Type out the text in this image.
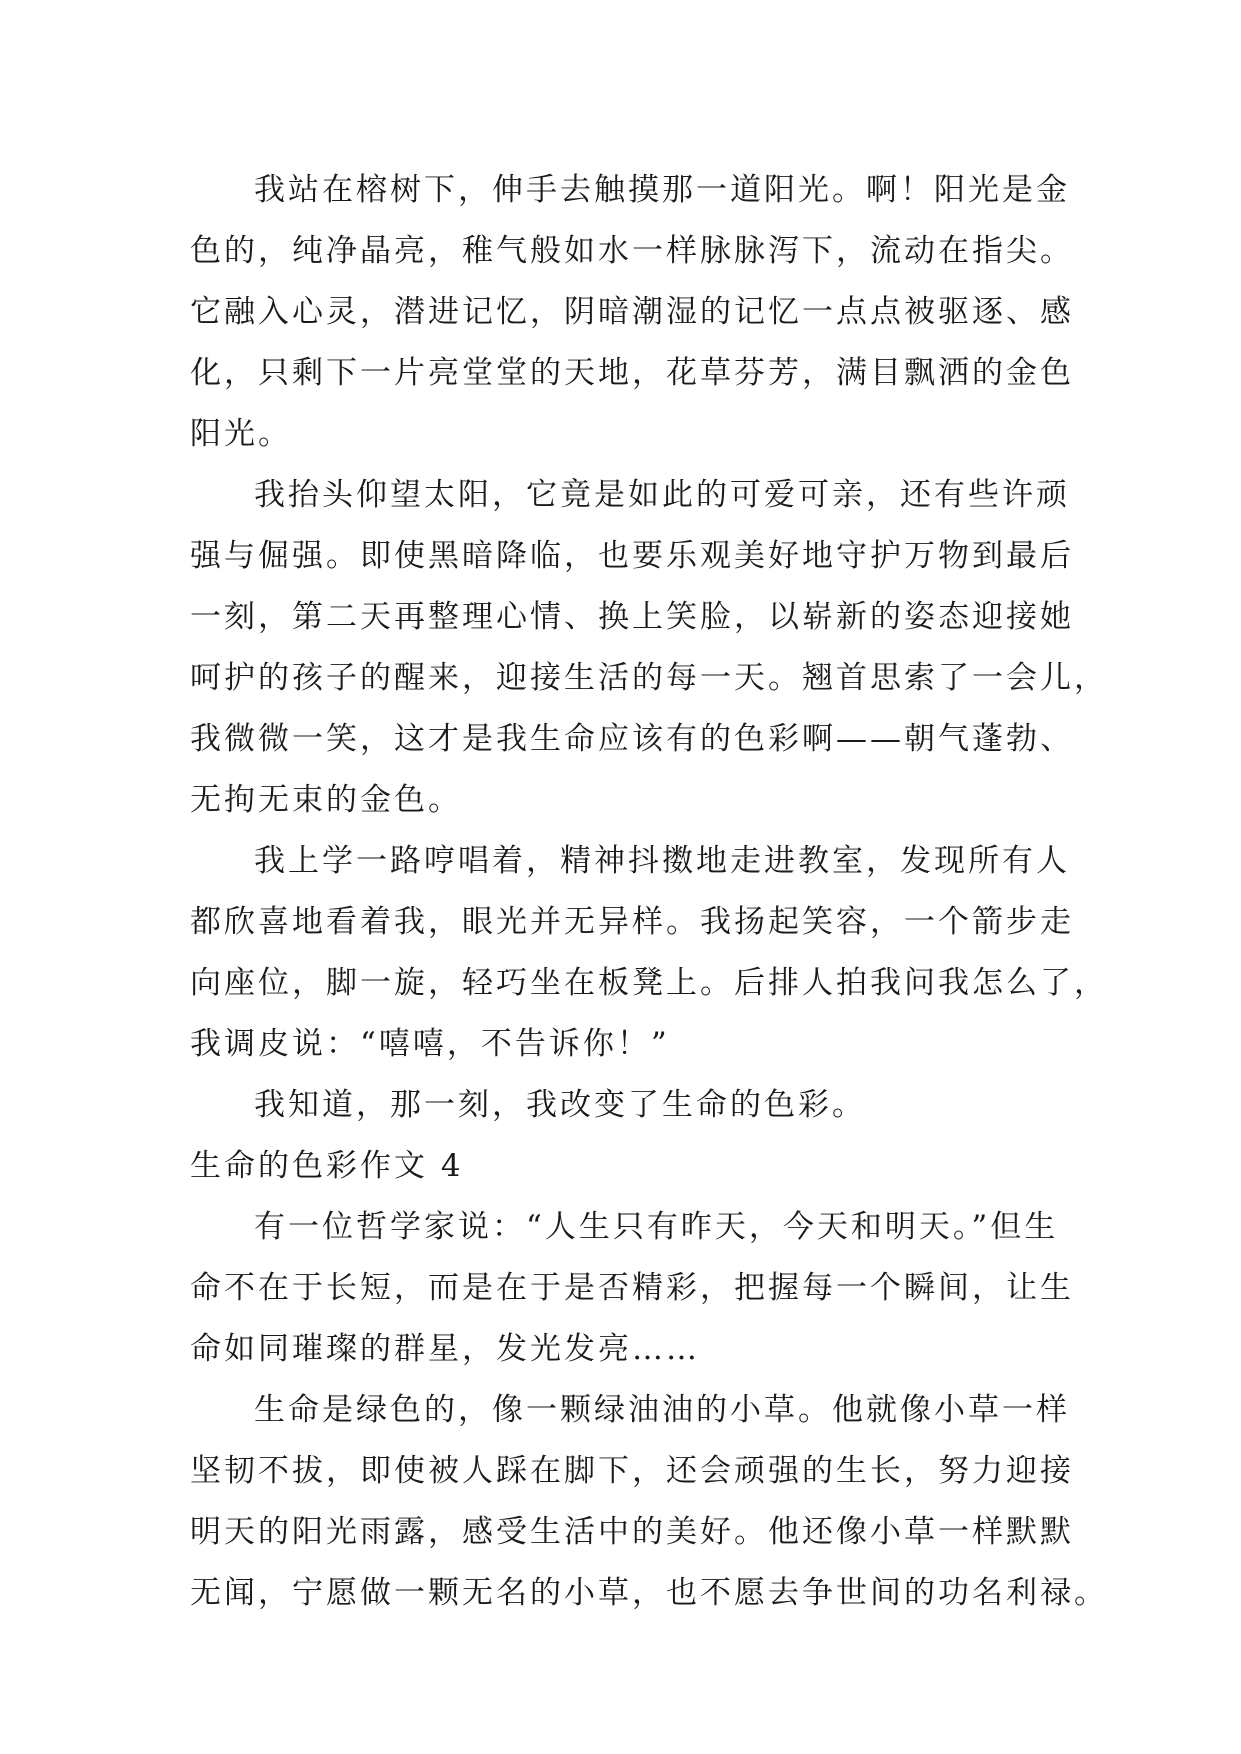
我站在榕树下，伸手去触摸那一道阳光。啊！阳光是金
色的，纯净晶亮，稚气般如水一样脉脉泻下，流动在指尖。
它融入心灵，潜进记忆，阴暗潮湿的记忆一点点被驱逐、感
化，只剩下一片亮堂堂的天地，花草芬芳，满目飘洒的金色
阳光。
我抬头仰望太阳，它竟是如此的可爱可亲，还有些许顽
强与倔强。即使黑暗降临，也要乐观美好地守护万物到最后
一刻，第二天再整理心情、换上笑脸，以崭新的姿态迎接她
呵护的孩子的醒来，迎接生活的每一天。翘首思索了一会儿，
我微微一笑，这才是我生命应该有的色彩啊——朝气蓬勃、
无拘无束的金色。
我上学一路哼唱着，精神抖擞地走进教室，发现所有人
都欣喜地看着我，眼光并无异样。我扬起笑容，一个箭步走
向座位，脚一旋，轻巧坐在板凳上。后排人拍我问我怎么了，
我调皮说：“嘻嘻，不告诉你！”
我知道，那一刻，我改变了生命的色彩。
生命的色彩作文 4
有一位哲学家说：“人生只有昨天，今天和明天。”但生
命不在于长短，而是在于是否精彩，把握每一个瞬间，让生
命如同璀璨的群星，发光发亮……
生命是绿色的，像一颗绿油油的小草。他就像小草一样
坚韧不拔，即使被人踩在脚下，还会顽强的生长，努力迎接
明天的阳光雨露，感受生活中的美好。他还像小草一样默默
无闻，宁愿做一颗无名的小草，也不愿去争世间的功名利禄。
